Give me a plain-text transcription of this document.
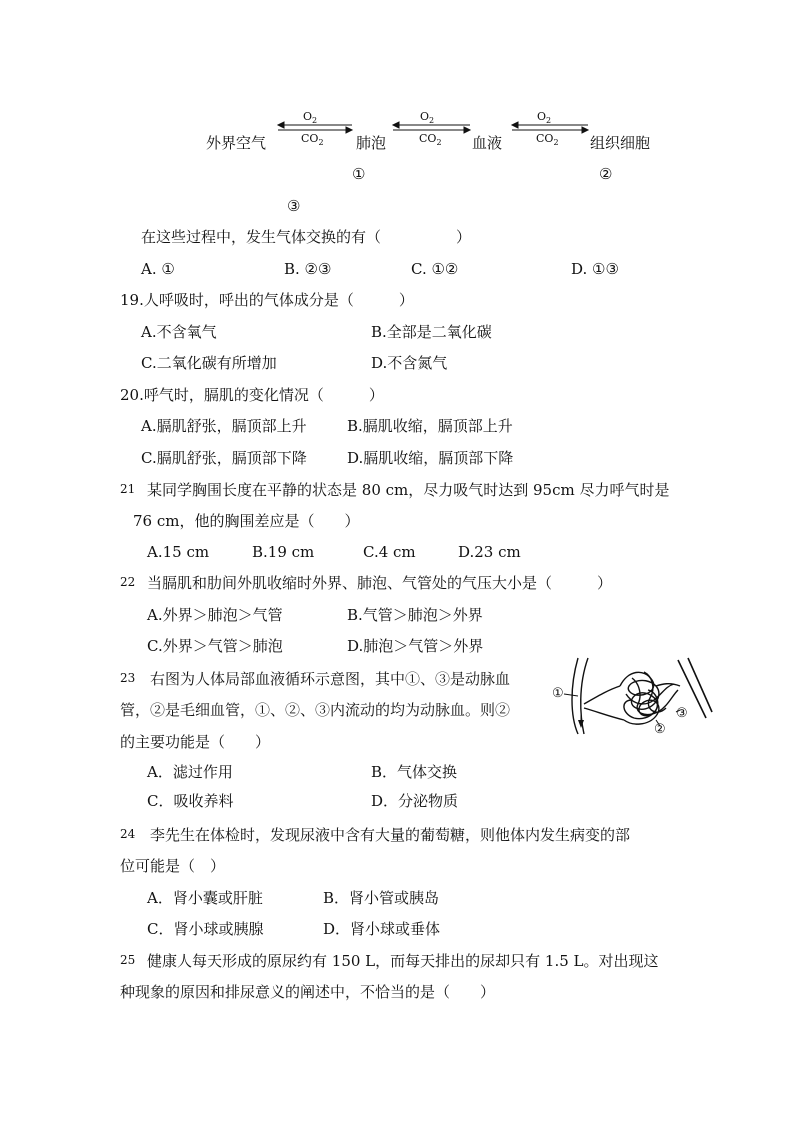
外界空气	肺泡	血液	组织细胞
$O_2$	$O_2$	$O_2$
$CO_2$	$CO_2$	$CO_2$
①	②
③
在这些过程中，发生气体交换的有（　　　　　）
A. ①	B. ②③	C. ①②	D. ①③
19.人呼吸时，呼出的气体成分是（　　　）
A.不含氧气	B.全部是二氧化碳
C.二氧化碳有所增加	D.不含氮气
20.呼气时，膈肌的变化情况（　　　）
A.膈肌舒张，膈顶部上升	B.膈肌收缩，膈顶部上升
C.膈肌舒张，膈顶部下降	D.膈肌收缩，膈顶部下降
21 某同学胸围长度在平静的状态是 80 cm，尽力吸气时达到 95cm 尽力呼气时是
76 cm，他的胸围差应是（　　）
A.15 cm	B.19 cm	C.4 cm	D.23 cm
22 当膈肌和肋间外肌收缩时外界、肺泡、气管处的气压大小是（　　　）
A.外界＞肺泡＞气管	B.气管＞肺泡＞外界
C.外界＞气管＞肺泡	D.肺泡＞气管＞外界
23 右图为人体局部血液循环示意图，其中①、③是动脉血
管，②是毛细血管，①、②、③内流动的均为动脉血。则②
的主要功能是（　　）
A．滤过作用	B．气体交换
C．吸收养料	D．分泌物质
①
②
③
24 李先生在体检时，发现尿液中含有大量的葡萄糖，则他体内发生病变的部
位可能是（　）
A．肾小囊或肝脏	B．肾小管或胰岛
C．肾小球或胰腺	D．肾小球或垂体
25 健康人每天形成的原尿约有 150 L，而每天排出的尿却只有 1.5 L。对出现这
种现象的原因和排尿意义的阐述中，不恰当的是（　　）
